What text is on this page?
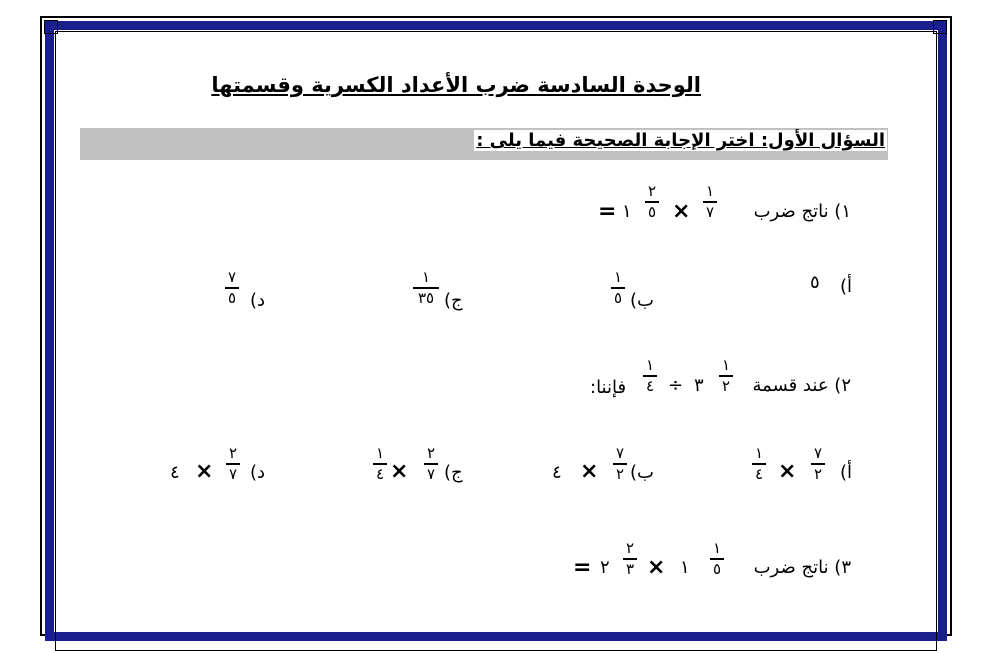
الوحدة السادسة ضرب الأعداد الكسرية وقسمتها
السؤال الأول: اختر الإجابة الصحيحة فيما يلى :
١) ناتج ضرب
١
٧
×
٢
٥
١
=
أ)
٥
ب)
١
٥
ج)
١
٣٥
د)
٧
٥
٢) عند قسمة
١
٢
٣
÷
١
٤
فإننا:
أ)
٧
٢
×
١
٤
ب)
٧
٢
×
٤
ج)
٢
٧
×
١
٤
د)
٢
٧
×
٤
٣) ناتج ضرب
١
٥
١
×
٢
٣
٢
=
